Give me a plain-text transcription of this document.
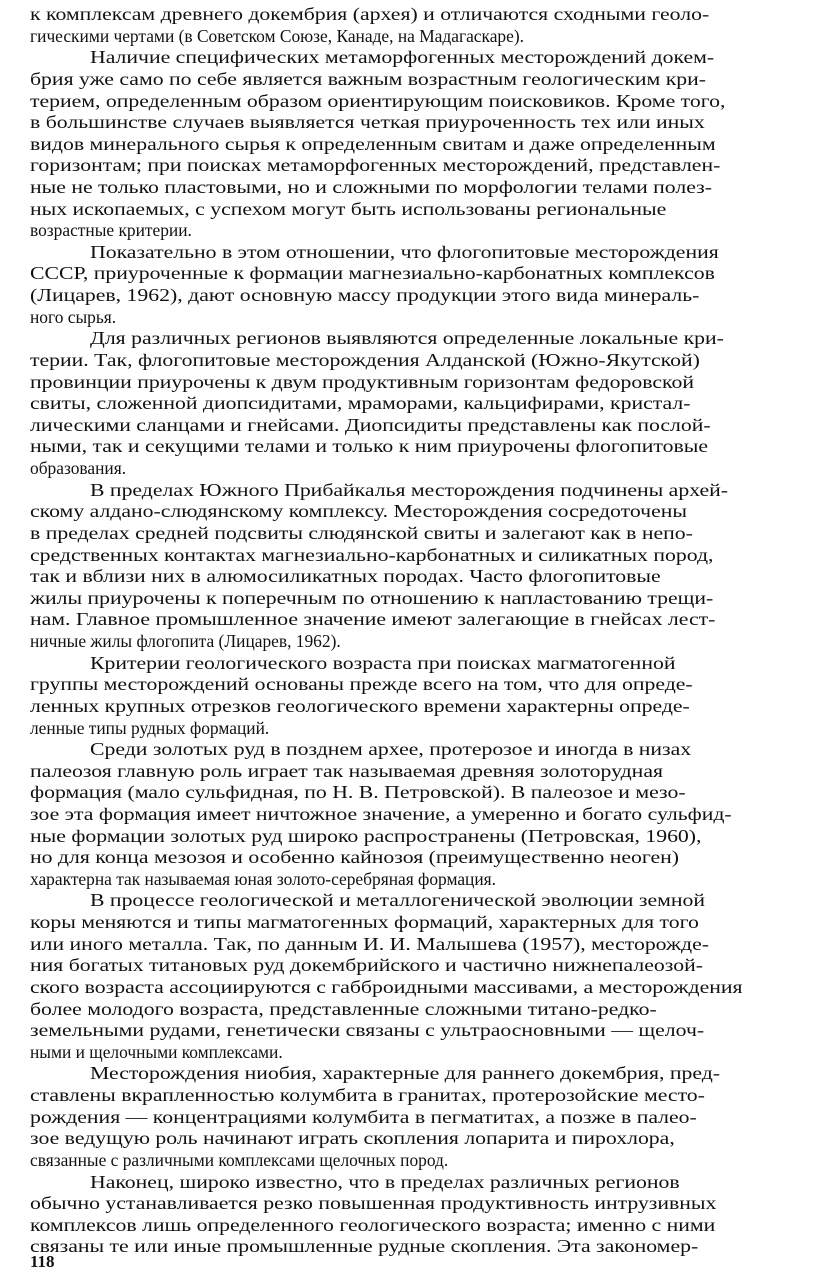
к комплексам древнего докембрия (архея) и отличаются сходными геоло-
гическими чертами (в Советском Союзе, Канаде, на Мадагаскаре).
Наличие специфических метаморфогенных месторождений докем-
брия уже само по себе является важным возрастным геологическим кри-
терием, определенным образом ориентирующим поисковиков. Кроме того,
в большинстве случаев выявляется четкая приуроченность тех или иных
видов минерального сырья к определенным свитам и даже определенным
горизонтам; при поисках метаморфогенных месторождений, представлен-
ные не только пластовыми, но и сложными по морфологии телами полез-
ных ископаемых, с успехом могут быть использованы региональные
возрастные критерии.
Показательно в этом отношении, что флогопитовые месторождения
СССР, приуроченные к формации магнезиально-карбонатных комплексов
(Лицарев, 1962), дают основную массу продукции этого вида минераль-
ного сырья.
Для различных регионов выявляются определенные локальные кри-
терии. Так, флогопитовые месторождения Алданской (Южно-Якутской)
провинции приурочены к двум продуктивным горизонтам федоровской
свиты, сложенной диопсидитами, мраморами, кальцифирами, кристал-
лическими сланцами и гнейсами. Диопсидиты представлены как послой-
ными, так и секущими телами и только к ним приурочены флогопитовые
образования.
В пределах Южного Прибайкалья месторождения подчинены архей-
скому алдано-слюдянскому комплексу. Месторождения сосредоточены
в пределах средней подсвиты слюдянской свиты и залегают как в непо-
средственных контактах магнезиально-карбонатных и силикатных пород,
так и вблизи них в алюмосиликатных породах. Часто флогопитовые
жилы приурочены к поперечным по отношению к напластованию трещи-
нам. Главное промышленное значение имеют залегающие в гнейсах лест-
ничные жилы флогопита (Лицарев, 1962).
Критерии геологического возраста при поисках магматогенной
группы месторождений основаны прежде всего на том, что для опреде-
ленных крупных отрезков геологического времени характерны опреде-
ленные типы рудных формаций.
Среди золотых руд в позднем архее, протерозое и иногда в низах
палеозоя главную роль играет так называемая древняя золоторудная
формация (мало сульфидная, по Н. В. Петровской). В палеозое и мезо-
зое эта формация имеет ничтожное значение, а умеренно и богато сульфид-
ные формации золотых руд широко распространены (Петровская, 1960),
но для конца мезозоя и особенно кайнозоя (преимущественно неоген)
характерна так называемая юная золото-серебряная формация.
В процессе геологической и металлогенической эволюции земной
коры меняются и типы магматогенных формаций, характерных для того
или иного металла. Так, по данным И. И. Малышева (1957), месторожде-
ния богатых титановых руд докембрийского и частично нижнепалеозой-
ского возраста ассоциируются с габброидными массивами, а месторождения
более молодого возраста, представленные сложными титано-редко-
земельными рудами, генетически связаны с ультраосновными — щелоч-
ными и щелочными комплексами.
Месторождения ниобия, характерные для раннего докембрия, пред-
ставлены вкрапленностью колумбита в гранитах, протерозойские место-
рождения — концентрациями колумбита в пегматитах, а позже в палео-
зое ведущую роль начинают играть скопления лопарита и пирохлора,
связанные с различными комплексами щелочных пород.
Наконец, широко известно, что в пределах различных регионов
обычно устанавливается резко повышенная продуктивность интрузивных
комплексов лишь определенного геологического возраста; именно с ними
связаны те или иные промышленные рудные скопления. Эта закономер-
118
